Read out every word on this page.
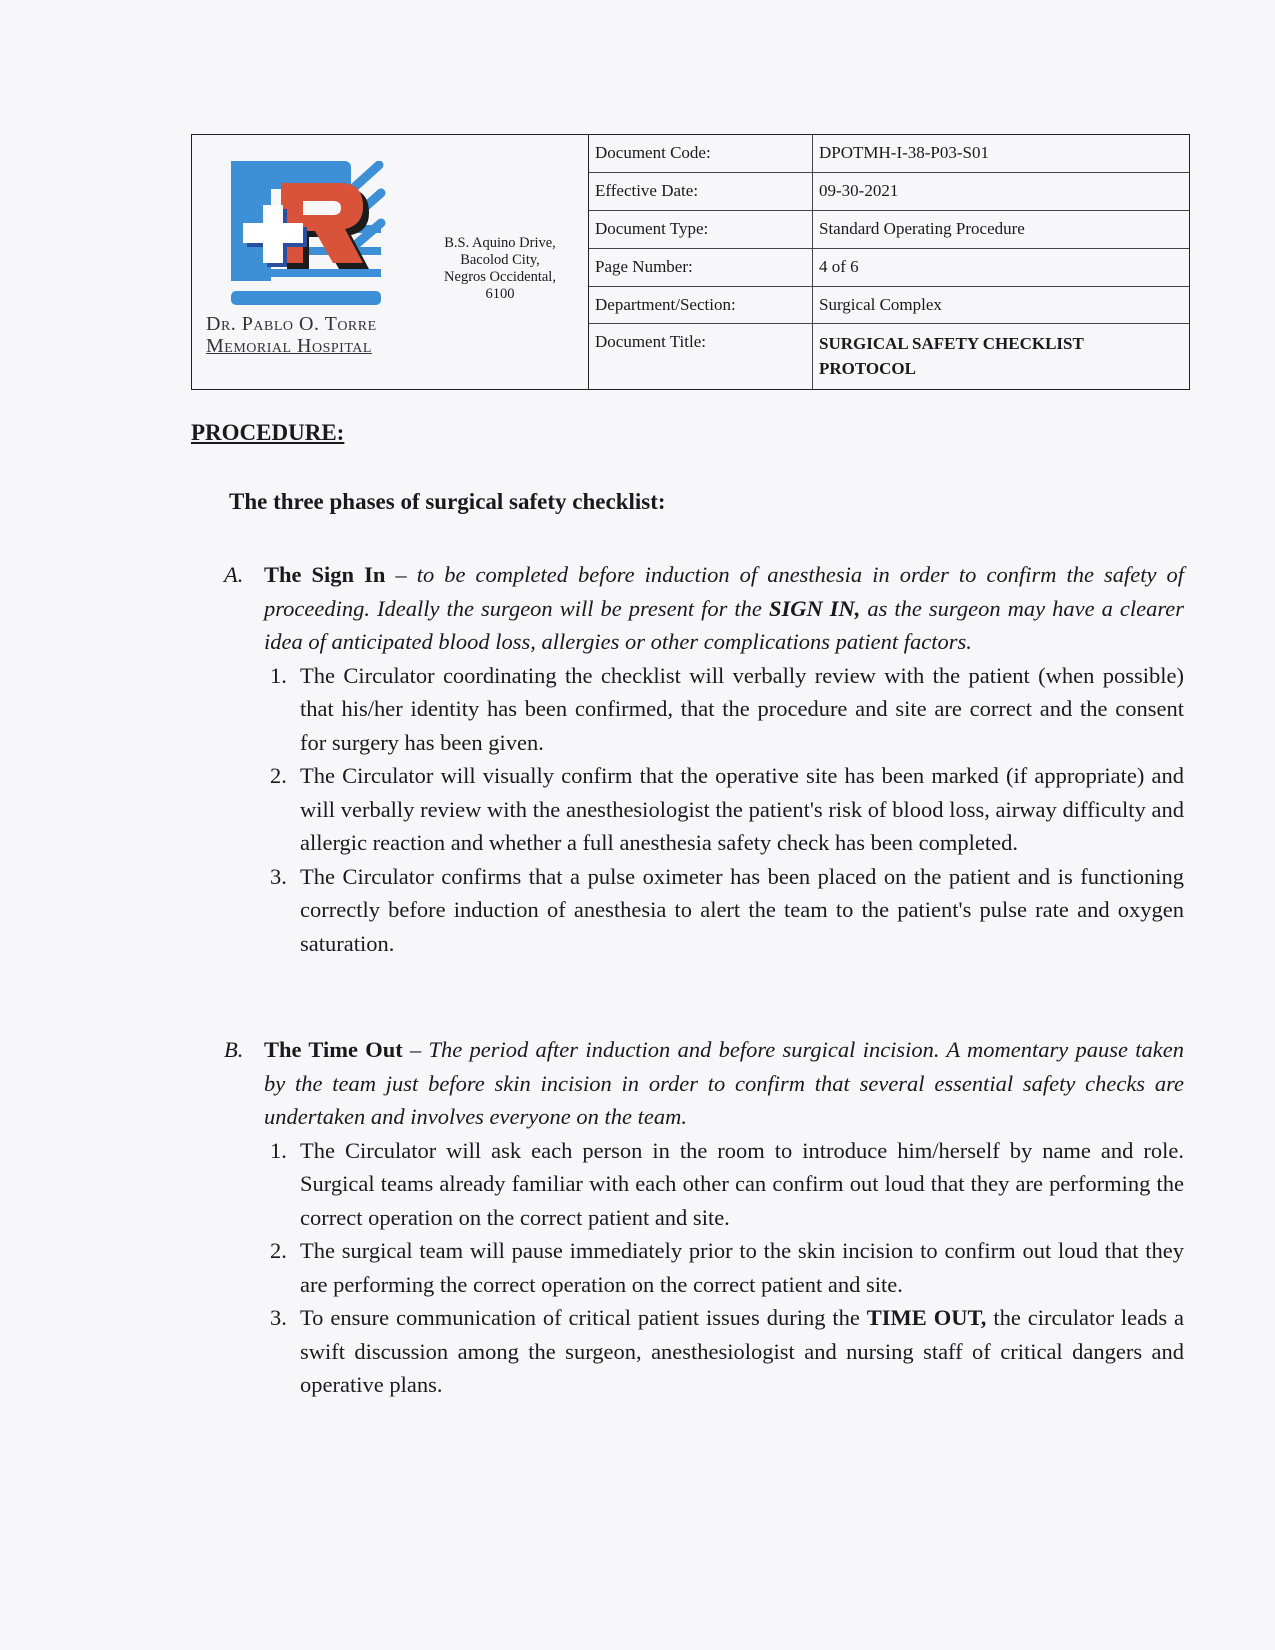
Dr. Pablo O. Torre
Memorial Hospital
B.S. Aquino Drive,
Bacolod City,
Negros Occidental,
6100
Document Code:	DPOTMH-I-38-P03-S01
Effective Date:	09-30-2021
Document Type:	Standard Operating Procedure
Page Number:	4 of 6
Department/Section:	Surgical Complex
Document Title:	SURGICAL SAFETY CHECKLIST PROTOCOL
PROCEDURE:
The three phases of surgical safety checklist:
A. The Sign In – to be completed before induction of anesthesia in order to confirm the safety of proceeding. Ideally the surgeon will be present for the SIGN IN, as the surgeon may have a clearer idea of anticipated blood loss, allergies or other complications patient factors.
1. The Circulator coordinating the checklist will verbally review with the patient (when possible) that his/her identity has been confirmed, that the procedure and site are correct and the consent for surgery has been given.
2. The Circulator will visually confirm that the operative site has been marked (if appropriate) and will verbally review with the anesthesiologist the patient's risk of blood loss, airway difficulty and allergic reaction and whether a full anesthesia safety check has been completed.
3. The Circulator confirms that a pulse oximeter has been placed on the patient and is functioning correctly before induction of anesthesia to alert the team to the patient's pulse rate and oxygen saturation.
B. The Time Out – The period after induction and before surgical incision. A momentary pause taken by the team just before skin incision in order to confirm that several essential safety checks are undertaken and involves everyone on the team.
1. The Circulator will ask each person in the room to introduce him/herself by name and role. Surgical teams already familiar with each other can confirm out loud that they are performing the correct operation on the correct patient and site.
2. The surgical team will pause immediately prior to the skin incision to confirm out loud that they are performing the correct operation on the correct patient and site.
3. To ensure communication of critical patient issues during the TIME OUT, the circulator leads a swift discussion among the surgeon, anesthesiologist and nursing staff of critical dangers and operative plans.
